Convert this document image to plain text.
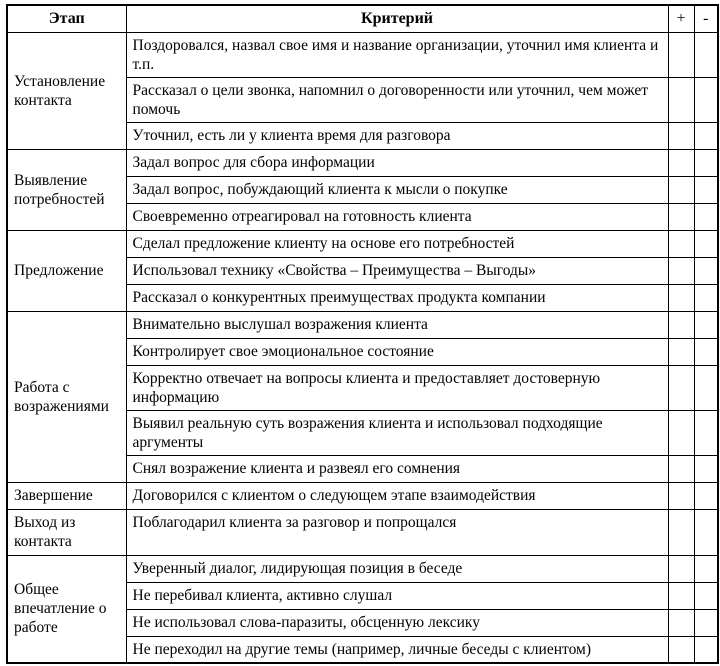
Этап	Критерий	+	-
Установление контакта	Поздоровался, назвал свое имя и название организации, уточнил имя клиента и т.п.		
	Рассказал о цели звонка, напомнил о договоренности или уточнил, чем может помочь		
	Уточнил, есть ли у клиента время для разговора		
Выявление потребностей	Задал вопрос для сбора информации		
	Задал вопрос, побуждающий клиента к мысли о покупке		
	Своевременно отреагировал на готовность клиента		
Предложение	Сделал предложение клиенту на основе его потребностей		
	Использовал технику «Свойства – Преимущества – Выгоды»		
	Рассказал о конкурентных преимуществах продукта компании		
Работа с возражениями	Внимательно выслушал возражения клиента		
	Контролирует свое эмоциональное состояние		
	Корректно отвечает на вопросы клиента и предоставляет достоверную информацию		
	Выявил реальную суть возражения клиента и использовал подходящие аргументы		
	Снял возражение клиента и развеял его сомнения		
Завершение	Договорился с клиентом о следующем этапе взаимодействия		
Выход из контакта	Поблагодарил клиента за разговор и попрощался		
Общее впечатление о работе	Уверенный диалог, лидирующая позиция в беседе		
	Не перебивал клиента, активно слушал		
	Не использовал слова-паразиты, обсценную лексику		
	Не переходил на другие темы (например, личные беседы с клиентом)		
